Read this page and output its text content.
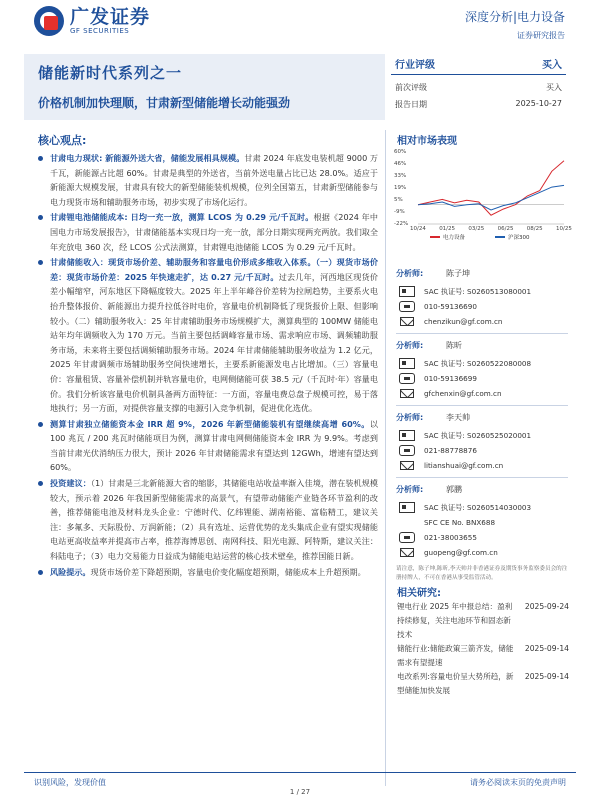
广发证券
GF SECURITIES
深度分析|电力设备
证券研究报告
储能新时代系列之一
价格机制加快理顺，甘肃新型储能增长动能强劲
行业评级	买入
前次评级	买入
报告日期	2025-10-27
核心观点:
甘肃电力现状: 新能源外送大省，储能发展相具规模。甘肃 2024 年底发电装机超 9000 万千瓦，新能源占比超 60%。甘肃是典型的外送省，当前外送电量占比已达 28.0%。适应于新能源大规模发展，甘肃具有较大的新型储能装机规模，位列全国第五，甘肃新型储能参与电力现货市场和辅助服务市场，初步实现了市场化运行。
甘肃锂电池储能成本: 日均一充一放，测算 LCOS 为 0.29 元/千瓦时。根据《2024 年中国电力市场发展报告》，甘肃储能基本实现日均一充一放，部分日期实现两充两放。我们取全年充放电 360 次，经 LCOS 公式法测算，甘肃锂电池储能 LCOS 为 0.29 元/千瓦时。
甘肃储能收入：现货市场价差、辅助服务和容量电价形成多维收入体系。（一）现货市场价差：现货市场价差：2025 年快速走扩，达 0.27 元/千瓦时。过去几年，河西地区现货价差小幅缩窄，河东地区下降幅度较大。2025 年上半年峰谷价差转为拉闸趋势，主要系火电抬升整体报价、新能源出力提升拉低谷时电价，容量电价机制降低了现货报价上限、但影响较小。（二）辅助服务收入：25 年甘肃辅助服务市场规模扩大，测算典型的 100MW 储能电站年均年调频收入为 170 万元。当前主要包括调峰容量市场、需求响应市场、调频辅助服务市场，未来将主要包括调频辅助服务市场。2024 年甘肃储能辅助服务收益为 1.2 亿元，2025 年甘肃调频市场辅助服务空间快速增长，主要系新能源发电占比增加。（三）容量电价：容量租赁、容量补偿机制并轨容量电价，电网侧储能可获 38.5 元/（千瓦时·年）容量电价。我们分析该容量电价机制具备两方面特征：一方面，容量电费总盘子规模可控，易于落地执行；另一方面，对提供容量支撑的电源引入竞争机制，促进优化选优。
测算甘肃独立储能资本金 IRR 超 9%，2026 年新型储能装机有望继续高增 60%。以 100 兆瓦 / 200 兆瓦时储能项目为例，测算甘肃电网侧储能资本金 IRR 为 9.9%。考虑到当前甘肃光伏消纳压力很大，预计 2026 年甘肃储能需求有望达到 12GWh，增速有望达到 60%。
投资建议：（1）甘肃是三北新能源大省的缩影，其储能电站收益率渐入佳境，潜在装机规模较大，预示着 2026 年我国新型储能需求的高景气，有望带动储能产业链各环节盈利的改善，推荐储能电池及材料龙头企业：宁德时代、亿纬锂能、湖南裕能、富临精工，建议关注：多氟多、天际股份、万润新能；（2）具有选址、运营优势的龙头集成企业有望实现储能电站更高收益率并提高市占率，推荐海博思创、南网科技、阳光电源、阿特斯，建议关注：科陆电子；（3）电力交易能力日益成为储能电站运营的核心技术壁垒，推荐国能日新。
风险提示。现货市场价差下降超预期，容量电价变化幅度超预期，储能成本上升超预期。
相对市场表现
60%
46%
33%
19%
5%
-9%
-22%
10/24 01/25 03/25 06/25 08/25 10/25
电力设备	沪深300
分析师:	陈子坤
SAC 执证号: S0260513080001
010-59136690
chenzikun@gf.com.cn
分析师:	陈昕
SAC 执证号: S0260522080008
010-59136699
gfchenxin@gf.com.cn
分析师:	李天帅
SAC 执证号: S0260525020001
021-88778876
litianshuai@gf.com.cn
分析师:	郭鹏
SAC 执证号: S0260514030003
SFC CE No. BNX688
021-38003655
guopeng@gf.com.cn
请注意，陈子坤,陈昕,李天帅并非香港证券及期货事务监察委员会的注册持牌人，不可在香港从事受监管活动。
相关研究:
锂电行业 2025 年中报总结：盈利持续修复，关注电池环节和固态新技术
2025-09-24
储能行业:储能政策三箭齐发，储能需求有望提速
2025-09-14
电改系列:容量电价呈大势所趋，新型储能加快发展
2025-09-14
识别风险，发现价值	请务必阅读末页的免责声明
1 / 27
